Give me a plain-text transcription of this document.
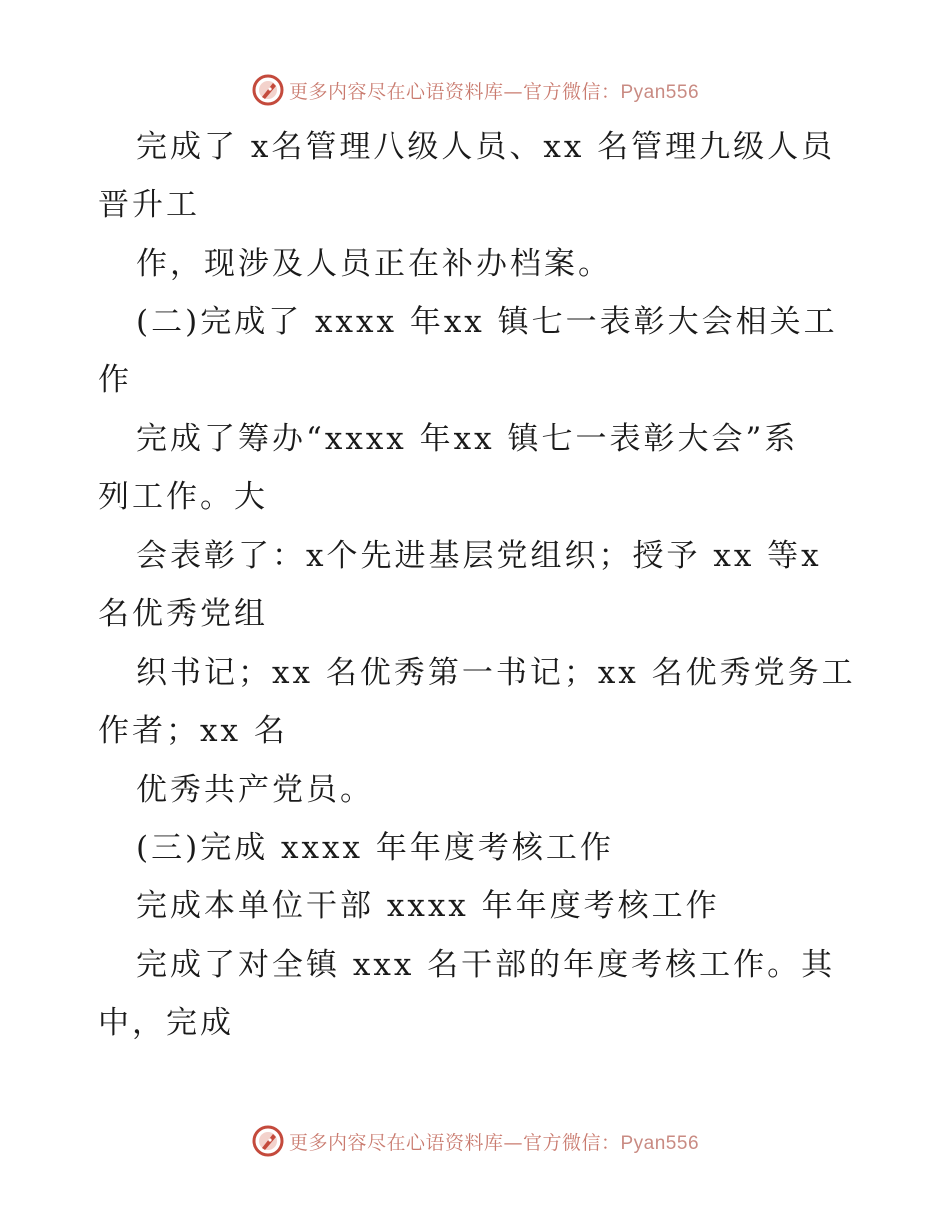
更多内容尽在心语资料库—官方微信：Pyan556
完成了 x名管理八级人员、xx 名管理九级人员
晋升工
作，现涉及人员正在补办档案。
(二)完成了 xxxx 年xx 镇七一表彰大会相关工
作
完成了筹办“xxxx 年xx 镇七一表彰大会”系
列工作。大
会表彰了：x个先进基层党组织；授予 xx 等x
名优秀党组
织书记；xx 名优秀第一书记；xx 名优秀党务工
作者；xx 名
优秀共产党员。
(三)完成 xxxx 年年度考核工作
完成本单位干部 xxxx 年年度考核工作
完成了对全镇 xxx 名干部的年度考核工作。其
中，完成
更多内容尽在心语资料库—官方微信：Pyan556
